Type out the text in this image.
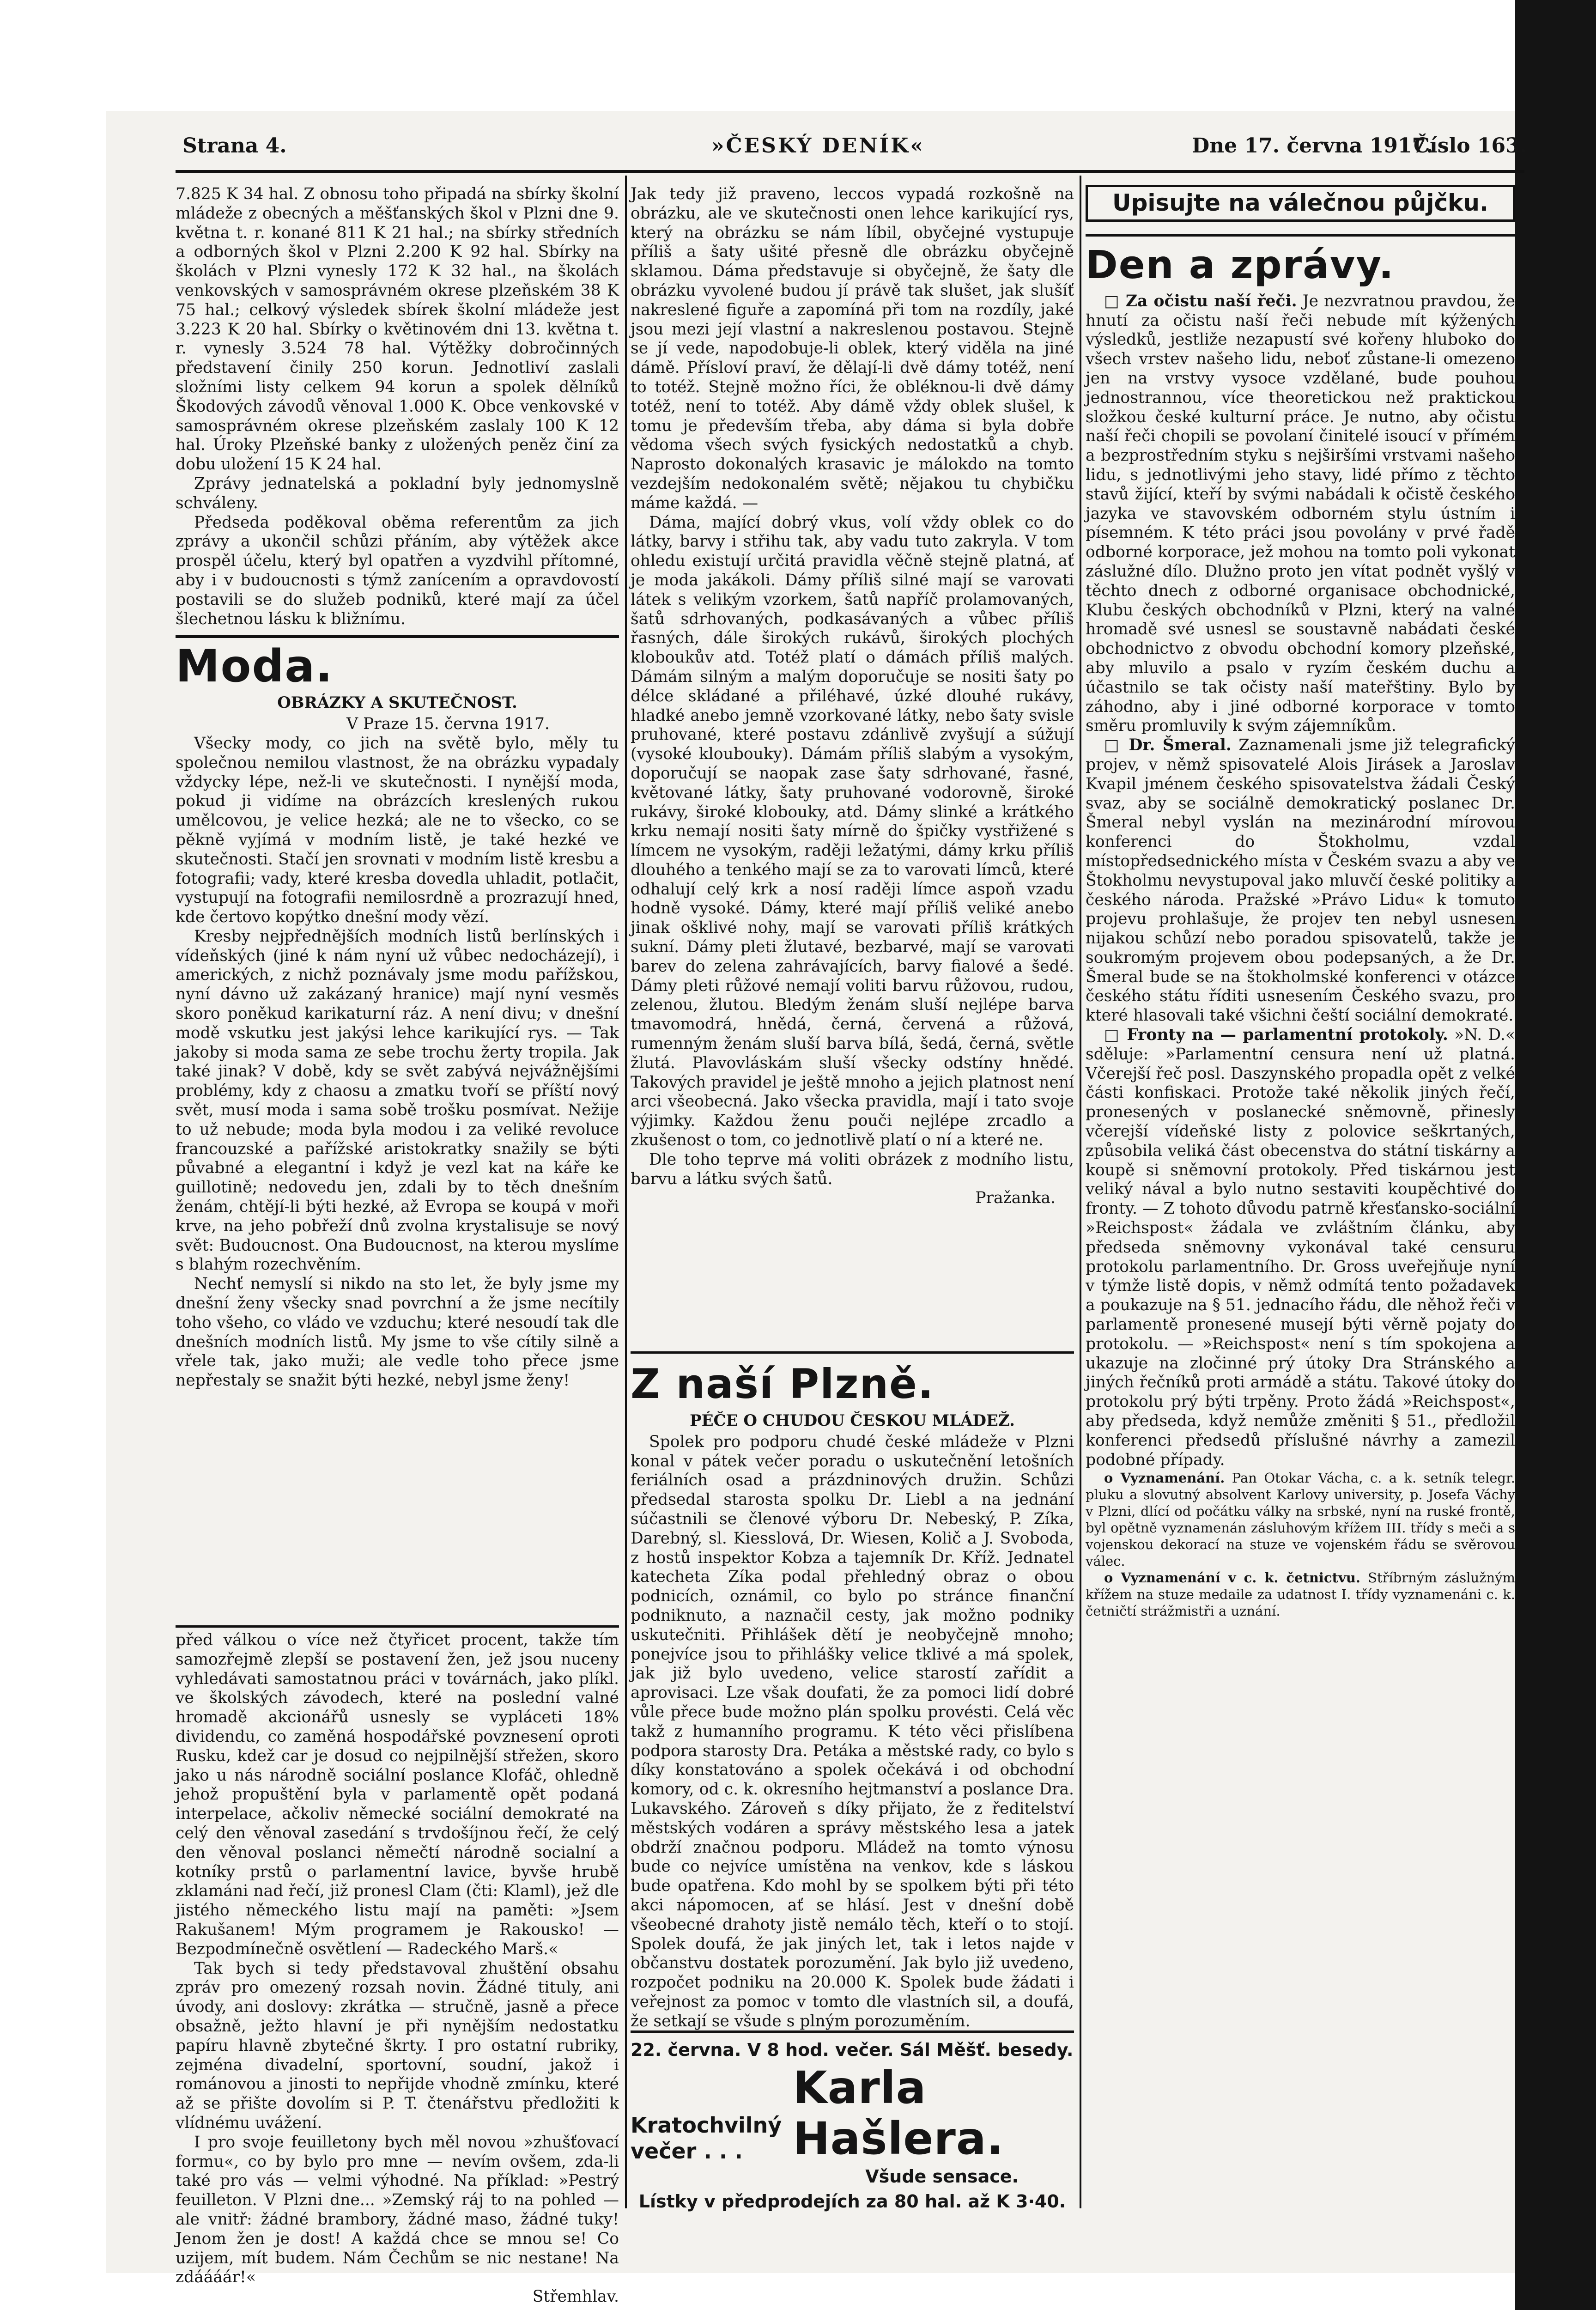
Strana 4.	»ČESKÝ DENÍK«	Dne 17. června 1917.
Číslo 163.

7.825 K 34 hal. Z obnosu toho připadá na sbírky školní mládeže z obecných a měšťanských škol v Plzni dne 9. května t. r. konané 811 K 21 hal.; na sbírky středních a odborných škol v Plzni 2.200 K 92 hal. Sbírky na školách v Plzni vynesly 172 K 32 hal., na školách venkovských v samosprávném okrese plzeňském 38 K 75 hal.; celkový výsledek sbírek školní mládeže jest 3.223 K 20 hal. Sbírky o květinovém dni 13. května t. r. vynesly 3.524 78 hal. Výtěžky dobročinných představení činily 250 korun. Jednotliví zaslali složními listy celkem 94 korun a spolek dělníků Škodových závodů věnoval 1.000 K. Obce venkovské v samosprávném okrese plzeňském zaslaly 100 K 12 hal. Úroky Plzeňské banky z uložených peněz činí za dobu uložení 15 K 24 hal.

Zprávy jednatelská a pokladní byly jednomyslně schváleny.

Předseda poděkoval oběma referentům za jich zprávy a ukončil schůzi přáním, aby výtěžek akce prospěl účelu, který byl opatřen a vyzdvihl přítomné, aby i v budoucnosti s týmž zanícením a opravdovostí postavili se do služeb podniků, které mají za účel šlechetnou lásku k bližnímu.

Moda.
OBRÁZKY A SKUTEČNOST.

V Praze 15. června 1917.

Všecky mody, co jich na světě bylo, měly tu společnou nemilou vlastnost, že na obrázku vypadaly vždycky lépe, než-li ve skutečnosti. I nynější moda, pokud ji vidíme na obrázcích kreslených rukou umělcovou, je velice hezká; ale ne to všecko, co se pěkně vyjímá v modním listě, je také hezké ve skutečnosti. Stačí jen srovnati v modním listě kresbu a fotografii; vady, které kresba dovedla uhladit, potlačit, vystupují na fotografii nemilosrdně a prozrazují hned, kde čertovo kopýtko dnešní mody vězí.

Kresby nejpřednějších modních listů berlínských i vídeňských (jiné k nám nyní už vůbec nedocházejí), i amerických, z nichž poznávaly jsme modu pařížskou, nyní dávno už zakázaný hranice) mají nyní vesměs skoro poněkud karikaturní ráz. A není divu; v dnešní modě vskutku jest jakýsi lehce karikující rys. — Tak jakoby si moda sama ze sebe trochu žerty tropila. Jak také jinak? V době, kdy se svět zabývá nejvážnějšími problémy, kdy z chaosu a zmatku tvoří se příští nový svět, musí moda i sama sobě trošku posmívat. Nežije to už nebude; moda byla modou i za veliké revoluce francouzské a pařížské aristokratky snažily se býti půvabné a elegantní i když je vezl kat na káře ke guillotině; nedovedu jen, zdali by to těch dnešním ženám, chtějí-li býti hezké, až Evropa se koupá v moři krve, na jeho pobřeží dnů zvolna krystalisuje se nový svět: Budoucnost. Ona Budoucnost, na kterou myslíme s blahým rozechvěním.

Nechť nemyslí si nikdo na sto let, že byly jsme my dnešní ženy všecky snad povrchní a že jsme necítily toho všeho, co vládo ve vzduchu; které nesoudí tak dle dnešních modních listů. My jsme to vše cítily silně a vřele tak, jako muži; ale vedle toho přece jsme nepřestaly se snažit býti hezké, nebyl jsme ženy!

před válkou o více než čtyřicet procent, takže tím samozřejmě zlepší se postavení žen, jež jsou nuceny vyhledávati samostatnou práci v továrnách, jako plíkl. ve školských závodech, které na poslední valné hromadě akcionářů usnesly se vypláceti 18% dividendu, co zaměná hospodářské povznesení oproti Rusku, kdež car je dosud co nejpilnější střežen, skoro jako u nás národně sociální poslance Klofáč, ohledně jehož propuštění byla v parlamentě opět podaná interpelace, ačkoliv německé sociální demokraté na celý den věnoval zasedání s trvdošíjnou řečí, že celý den věnoval poslanci němečtí národně socialní a kotníky prstů o parlamentní lavice, byvše hrubě zklamáni nad řečí, již pronesl Clam (čti: Klaml), jež dle jistého německého listu mají na paměti: »Jsem Rakušanem! Mým programem je Rakousko! — Bezpodmínečně osvětlení — Radeckého Marš.«

Tak bych si tedy představoval zhuštění obsahu zpráv pro omezený rozsah novin. Žádné tituly, ani úvody, ani doslovy: zkrátka — stručně, jasně a přece obsažně, ježto hlavní je při nynějším nedostatku papíru hlavně zbytečné škrty. I pro ostatní rubriky, zejména divadelní, sportovní, soudní, jakož i románovou a jinosti to nepřijde vhodně zmínku, které až se přište dovolím si P. T. čtenářstvu předložiti k vlídnému uvážení.

I pro svoje feuilletony bych měl novou »zhušťovací formu«, co by bylo pro mne — nevím ovšem, zda-li také pro vás — velmi výhodné. Na příklad: »Pestrý feuilleton. V Plzni dne... »Zemský ráj to na pohled — ale vnitř: žádné brambory, žádné maso, žádné tuky! Jenom žen je dost! A každá chce se mnou se! Co uzijem, mít budem. Nám Čechům se nic nestane! Na zdáááár!«

Střemhlav.

Jak tedy již praveno, leccos vypadá rozkošně na obrázku, ale ve skutečnosti onen lehce karikující rys, který na obrázku se nám líbil, obyčejné vystupuje příliš a šaty ušité přesně dle obrázku obyčejně sklamou. Dáma představuje si obyčejně, že šaty dle obrázku vyvolené budou jí právě tak slušet, jak slušíť nakreslené figuře a zapomíná při tom na rozdíly, jaké jsou mezi její vlastní a nakreslenou postavou. Stejně se jí vede, napodobuje-li oblek, který viděla na jiné dámě. Přísloví praví, že dělají-li dvě dámy totéž, není to totéž. Stejně možno říci, že obléknou-li dvě dámy totéž, není to totéž. Aby dámě vždy oblek slušel, k tomu je především třeba, aby dáma si byla dobře vědoma všech svých fysických nedostatků a chyb. Naprosto dokonalých krasavic je málokdo na tomto vezdejším nedokonalém světě; nějakou tu chybičku máme každá. —

Dáma, mající dobrý vkus, volí vždy oblek co do látky, barvy i střihu tak, aby vadu tuto zakryla. V tom ohledu existují určitá pravidla věčně stejně platná, ať je moda jakákoli. Dámy příliš silné mají se varovati látek s velikým vzorkem, šatů napříč prolamovaných, šatů sdrhovaných, podkasávaných a vůbec příliš řasných, dále širokých rukávů, širokých plochých kloboukův atd. Totéž platí o dámách příliš malých. Dámám silným a malým doporučuje se nositi šaty po délce skládané a přiléhavé, úzké dlouhé rukávy, hladké anebo jemně vzorkované látky, nebo šaty svisle pruhované, které postavu zdánlivě zvyšují a súžují (vysoké kloubouky). Dámám příliš slabým a vysokým, doporučují se naopak zase šaty sdrhované, řasné, květované látky, šaty pruhované vodorovně, široké rukávy, široké klobouky, atd. Dámy slinké a krátkého krku nemají nositi šaty mírně do špičky vystřižené s límcem ne vysokým, raději ležatými, dámy krku příliš dlouhého a tenkého mají se za to varovati límců, které odhalují celý krk a nosí raději límce aspoň vzadu hodně vysoké. Dámy, které mají příliš veliké anebo jinak ošklivé nohy, mají se varovati příliš krátkých sukní. Dámy pleti žlutavé, bezbarvé, mají se varovati barev do zelena zahrávajících, barvy fialové a šedé. Dámy pleti růžové nemají voliti barvu růžovou, rudou, zelenou, žlutou. Bledým ženám sluší nejlépe barva tmavomodrá, hnědá, černá, červená a růžová, rumenným ženám sluší barva bílá, šedá, černá, světle žlutá. Plavovláskám sluší všecky odstíny hnědé. Takových pravidel je ještě mnoho a jejich platnost není arci všeobecná. Jako všecka pravidla, mají i tato svoje výjimky. Každou ženu pouči nejlépe zrcadlo a zkušenost o tom, co jednotlivě platí o ní a které ne.

Dle toho teprve má voliti obrázek z modního listu, barvu a látku svých šatů.

Pražanka.

Z naší Plzně.
PÉČE O CHUDOU ČESKOU MLÁDEŽ.

Spolek pro podporu chudé české mládeže v Plzni konal v pátek večer poradu o uskutečnění letošních feriálních osad a prázdninových družin. Schůzi předsedal starosta spolku Dr. Liebl a na jednání súčastnili se členové výboru Dr. Nebeský, P. Zíka, Darebný, sl. Kiesslová, Dr. Wiesen, Količ a J. Svoboda, z hostů inspektor Kobza a tajemník Dr. Kříž. Jednatel katecheta Zíka podal přehledný obraz o obou podnicích, oznámil, co bylo po stránce finanční podniknuto, a naznačil cesty, jak možno podniky uskutečniti. Přihlášek dětí je neobyčejně mnoho; ponejvíce jsou to přihlášky velice tklivé a má spolek, jak již bylo uvedeno, velice starostí zařídit a aprovisaci. Lze však doufati, že za pomoci lidí dobré vůle přece bude možno plán spolku provésti. Celá věc takž z humanního programu. K této věci přislíbena podpora starosty Dra. Petáka a městské rady, co bylo s díky konstatováno a spolek očekává i od obchodní komory, od c. k. okresního hejtmanství a poslance Dra. Lukavského. Zároveň s díky přijato, že z ředitelství městských vodáren a správy městského lesa a jatek obdrží značnou podporu. Mládež na tomto výnosu bude co nejvíce umístěna na venkov, kde s láskou bude opatřena. Kdo mohl by se spolkem býti při této akci nápomocen, ať se hlásí. Jest v dnešní době všeobecné drahoty jistě nemálo těch, kteří o to stojí. Spolek doufá, že jak jiných let, tak i letos najde v občanstvu dostatek porozumění. Jak bylo již uvedeno, rozpočet podniku na 20.000 K. Spolek bude žádati i veřejnost za pomoc v tomto dle vlastních sil, a doufá, že setkají se všude s plným porozuměním.

22. června. V 8 hod. večer. Sál Měšť. besedy.
Kratochvilný večer . . .
Karla Hašlera.
Všude sensace.
Lístky v předprodejích za 80 hal. až K 3·40.
Upisujte na válečnou půjčku.
Den a zprávy.

□ Za očistu naší řeči. Je nezvratnou pravdou, že hnutí za očistu naší řeči nebude mít kýžených výsledků, jestliže nezapustí své kořeny hluboko do všech vrstev našeho lidu, neboť zůstane-li omezeno jen na vrstvy vysoce vzdělané, bude pouhou jednostrannou, více theoretickou než praktickou složkou české kulturní práce. Je nutno, aby očistu naší řeči chopili se povolaní činitelé isoucí v přímém a bezprostředním styku s nejširšími vrstvami našeho lidu, s jednotlivými jeho stavy, lidé přímo z těchto stavů žijící, kteří by svými nabádali k očistě českého jazyka ve stavovském odborném stylu ústním i písemném. K této práci jsou povolány v prvé řadě odborné korporace, jež mohou na tomto poli vykonat záslužné dílo. Dlužno proto jen vítat podnět vyšlý v těchto dnech z odborné organisace obchodnické, Klubu českých obchodníků v Plzni, který na valné hromadě své usnesl se soustavně nabádati české obchodnictvo z obvodu obchodní komory plzeňské, aby mluvilo a psalo v ryzím českém duchu a účastnilo se tak očisty naší mateřštiny. Bylo by záhodno, aby i jiné odborné korporace v tomto směru promluvily k svým zájemníkům.

□ Dr. Šmeral. Zaznamenali jsme již telegrafický projev, v němž spisovatelé Alois Jirásek a Jaroslav Kvapil jménem českého spisovatelstva žádali Český svaz, aby se sociálně demokratický poslanec Dr. Šmeral nebyl vyslán na mezinárodní mírovou konferenci do Štokholmu, vzdal místopředsednického místa v Českém svazu a aby ve Štokholmu nevystupoval jako mluvčí české politiky a českého národa. Pražské »Právo Lidu« k tomuto projevu prohlašuje, že projev ten nebyl usnesen nijakou schůzí nebo poradou spisovatelů, takže je soukromým projevem obou podepsaných, a že Dr. Šmeral bude se na štokholmské konferenci v otázce českého státu říditi usnesením Českého svazu, pro které hlasovali také všichni čeští sociální demokraté.

□ Fronty na — parlamentní protokoly. »N. D.« sděluje: »Parlamentní censura není už platná. Včerejší řeč posl. Daszynského propadla opět z velké části konfiskaci. Protože také několik jiných řečí, pronesených v poslanecké sněmovně, přinesly včerejší vídeňské listy z polovice seškrtaných, způsobila veliká část obecenstva do státní tiskárny a koupě si sněmovní protokoly. Před tiskárnou jest veliký nával a bylo nutno sestaviti koupěchtivé do fronty. — Z tohoto důvodu patrně křesťansko-sociální »Reichspost« žádala ve zvláštním článku, aby předseda sněmovny vykonával také censuru protokolu parlamentního. Dr. Gross uveřejňuje nyní v týmže listě dopis, v němž odmítá tento požadavek a poukazuje na § 51. jednacího řádu, dle něhož řeči v parlamentě pronesené musejí býti věrně pojaty do protokolu. — »Reichspost« není s tím spokojena a ukazuje na zločinné prý útoky Dra Stránského a jiných řečníků proti armádě a státu. Takové útoky do protokolu prý býti trpěny. Proto žádá »Reichspost«, aby předseda, když nemůže změniti § 51., předložil konferenci předsedů příslušné návrhy a zamezil podobné případy.

o Vyznamenání. Pan Otokar Vácha, c. a k. setník telegr. pluku a slovutný absolvent Karlovy university, p. Josefa Váchy v Plzni, dlící od počátku války na srbské, nyní na ruské frontě, byl opětně vyznamenán zásluhovým křížem III. třídy s meči a s vojenskou dekorací na stuze ve vojenském řádu se svěrovou válec.

o Vyznamenání v c. k. četnictvu. Stříbrným záslužným křížem na stuze medaile za udatnost I. třídy vyznamenáni c. k. četničtí strážmistři a uznání.
